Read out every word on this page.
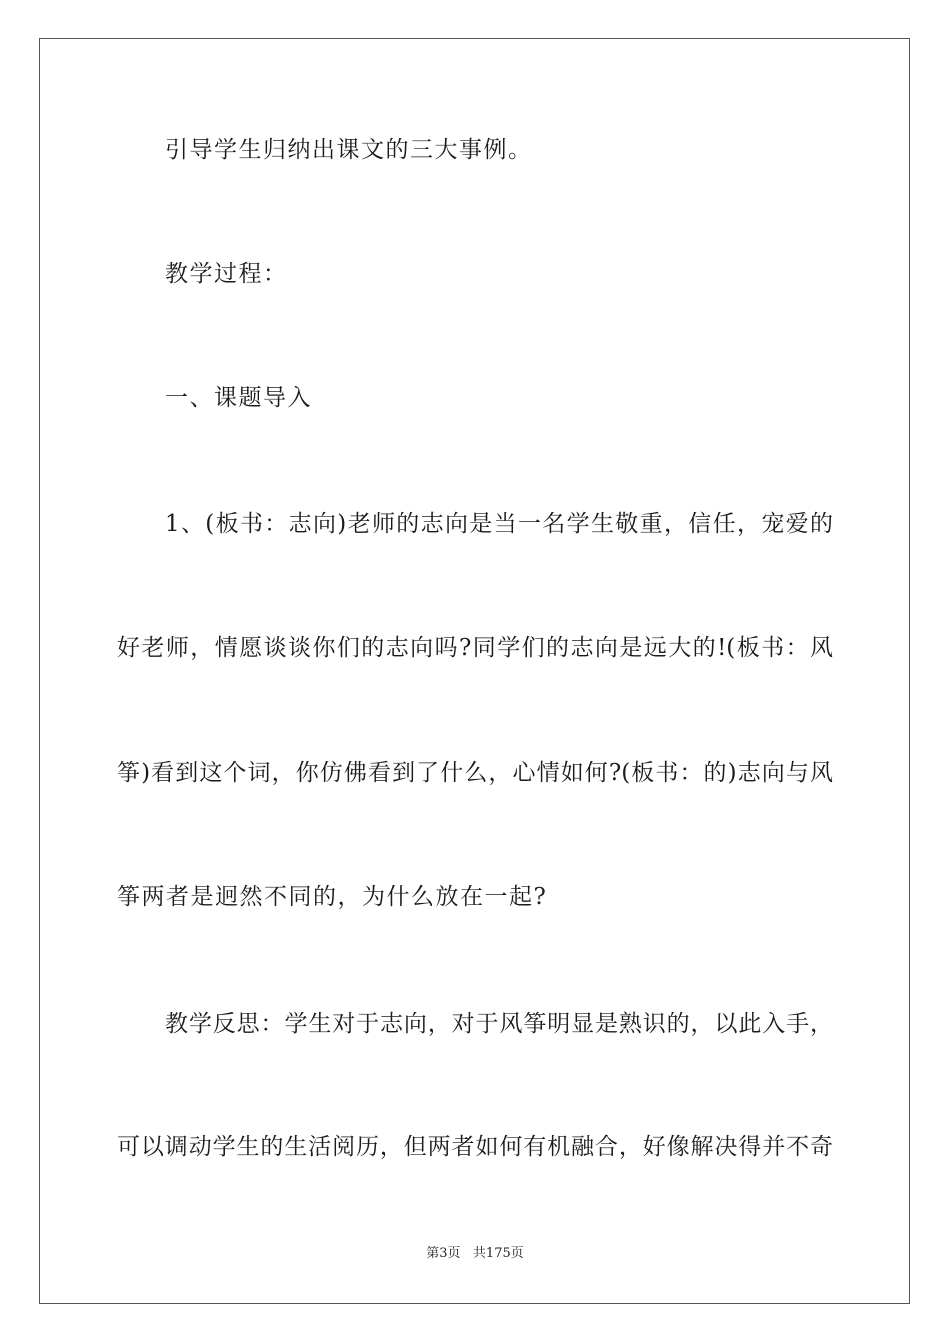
引导学生归纳出课文的三大事例。
教学过程：
一、课题导入
1、(板书：志向)老师的志向是当一名学生敬重，信任，宠爱的
好老师，情愿谈谈你们的志向吗?同学们的志向是远大的!(板书：风
筝)看到这个词，你仿佛看到了什么，心情如何?(板书：的)志向与风
筝两者是迥然不同的，为什么放在一起?
教学反思：学生对于志向，对于风筝明显是熟识的，以此入手，
可以调动学生的生活阅历，但两者如何有机融合，好像解决得并不奇
第3页 共175页
